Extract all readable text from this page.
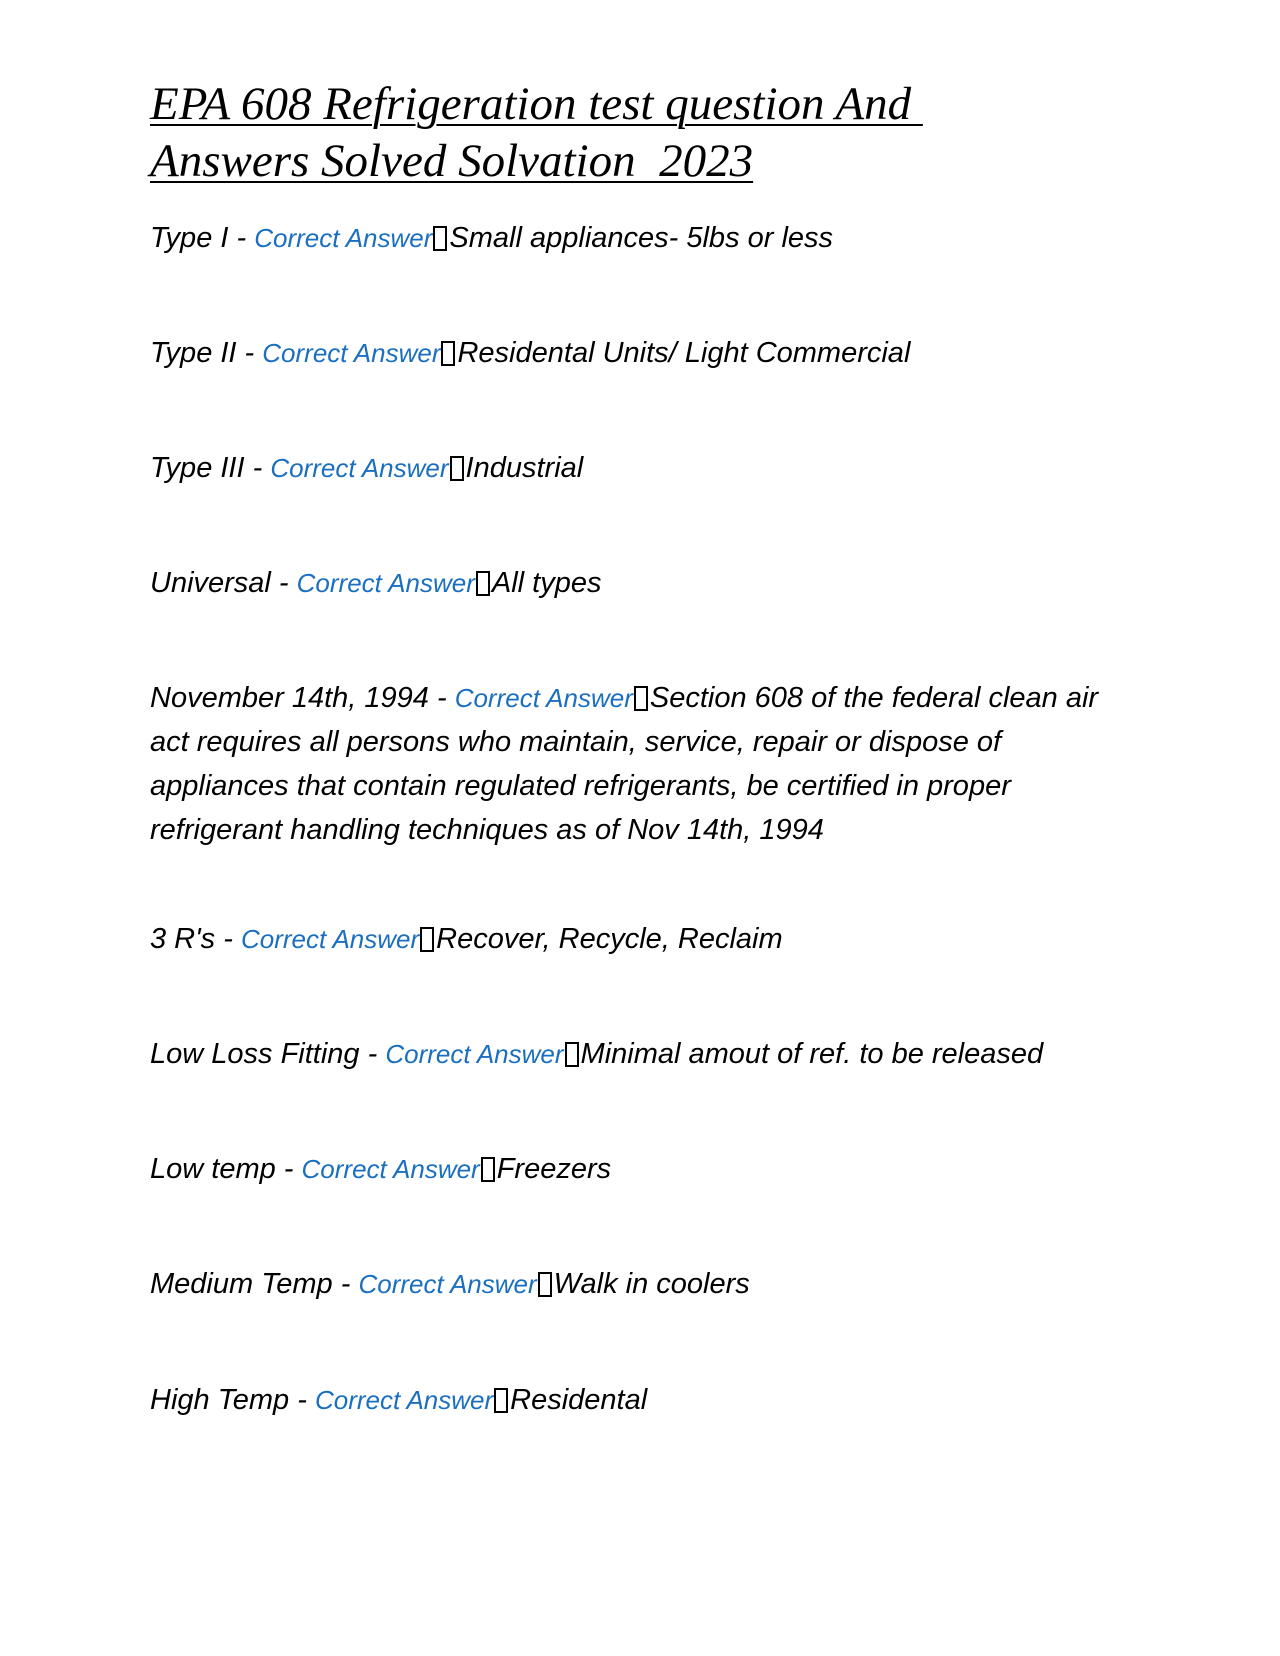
EPA 608 Refrigeration test question And
Answers Solved Solvation  2023

Type I - Correct Answer Small appliances- 5lbs or less

Type II - Correct Answer Residental Units/ Light Commercial

Type III - Correct Answer Industrial

Universal - Correct Answer All types

November 14th, 1994 - Correct Answer Section 608 of the federal clean air act requires all persons who maintain, service, repair or dispose of appliances that contain regulated refrigerants, be certified in proper refrigerant handling techniques as of Nov 14th, 1994

3 R's - Correct Answer Recover, Recycle, Reclaim

Low Loss Fitting - Correct Answer Minimal amout of ref. to be released

Low temp - Correct Answer Freezers

Medium Temp - Correct Answer Walk in coolers

High Temp - Correct Answer Residental
